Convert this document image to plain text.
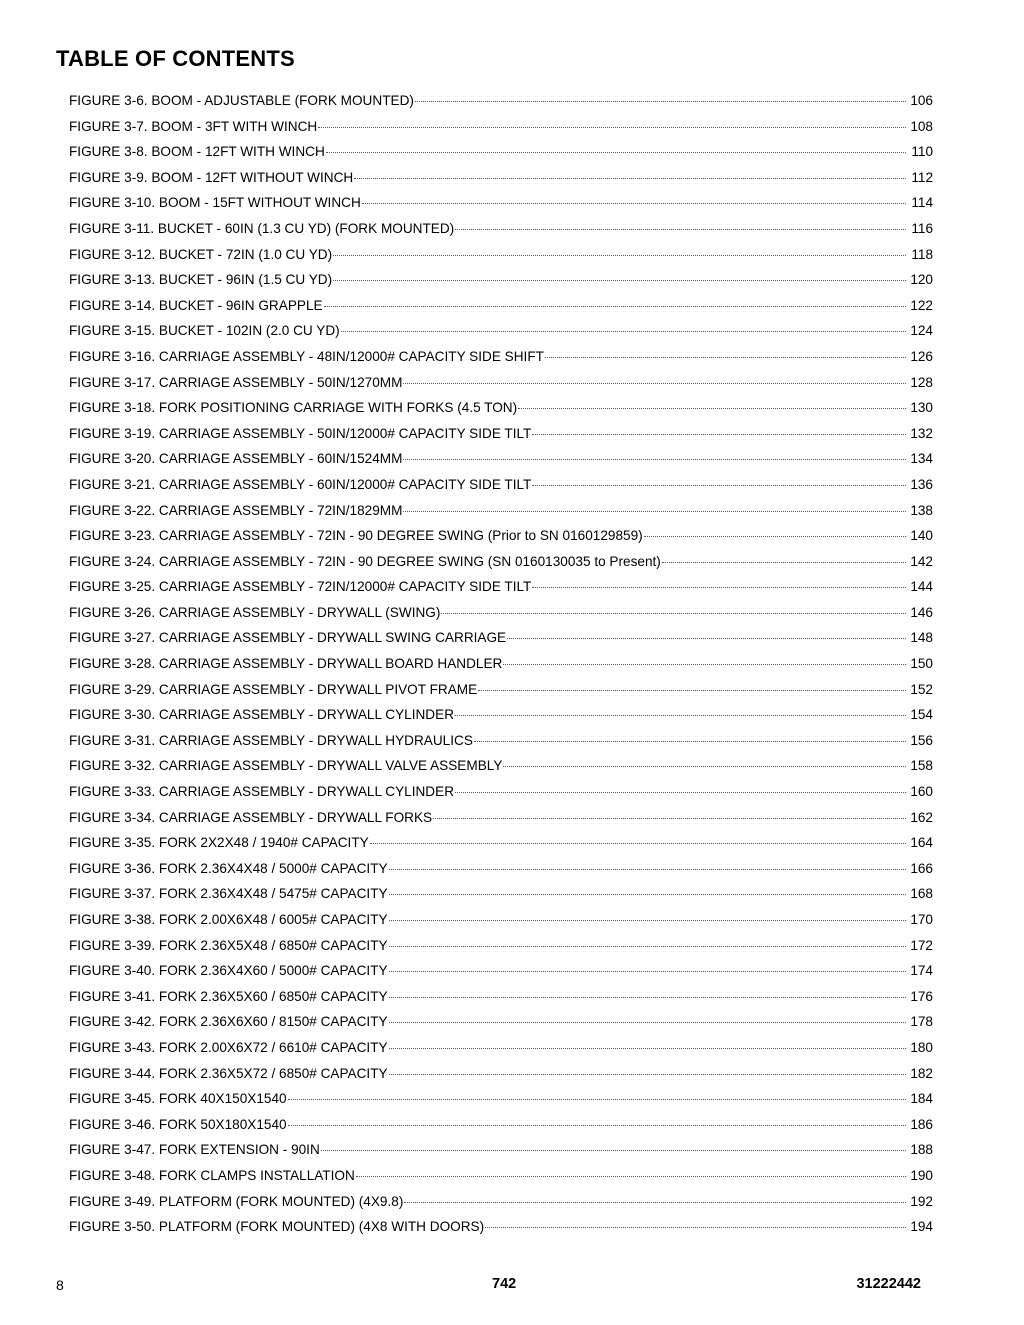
TABLE OF CONTENTS
FIGURE 3-6. BOOM - ADJUSTABLE (FORK MOUNTED)	106
FIGURE 3-7. BOOM - 3FT WITH WINCH	108
FIGURE 3-8. BOOM - 12FT WITH WINCH	110
FIGURE 3-9. BOOM - 12FT WITHOUT WINCH	112
FIGURE 3-10. BOOM - 15FT WITHOUT WINCH	114
FIGURE 3-11. BUCKET - 60IN (1.3 CU YD) (FORK MOUNTED)	116
FIGURE 3-12. BUCKET - 72IN (1.0 CU YD)	118
FIGURE 3-13. BUCKET - 96IN (1.5 CU YD)	120
FIGURE 3-14. BUCKET - 96IN GRAPPLE	122
FIGURE 3-15. BUCKET - 102IN (2.0 CU YD)	124
FIGURE 3-16. CARRIAGE ASSEMBLY - 48IN/12000# CAPACITY SIDE SHIFT	126
FIGURE 3-17. CARRIAGE ASSEMBLY - 50IN/1270MM	128
FIGURE 3-18. FORK POSITIONING CARRIAGE WITH FORKS (4.5 TON)	130
FIGURE 3-19. CARRIAGE ASSEMBLY - 50IN/12000# CAPACITY SIDE TILT	132
FIGURE 3-20. CARRIAGE ASSEMBLY - 60IN/1524MM	134
FIGURE 3-21. CARRIAGE ASSEMBLY - 60IN/12000# CAPACITY SIDE TILT	136
FIGURE 3-22. CARRIAGE ASSEMBLY - 72IN/1829MM	138
FIGURE 3-23. CARRIAGE ASSEMBLY - 72IN - 90 DEGREE SWING (Prior to SN 0160129859)	140
FIGURE 3-24. CARRIAGE ASSEMBLY - 72IN - 90 DEGREE SWING (SN 0160130035 to Present)	142
FIGURE 3-25. CARRIAGE ASSEMBLY - 72IN/12000# CAPACITY SIDE TILT	144
FIGURE 3-26. CARRIAGE ASSEMBLY - DRYWALL (SWING)	146
FIGURE 3-27. CARRIAGE ASSEMBLY - DRYWALL SWING CARRIAGE	148
FIGURE 3-28. CARRIAGE ASSEMBLY - DRYWALL BOARD HANDLER	150
FIGURE 3-29. CARRIAGE ASSEMBLY - DRYWALL PIVOT FRAME	152
FIGURE 3-30. CARRIAGE ASSEMBLY - DRYWALL CYLINDER	154
FIGURE 3-31. CARRIAGE ASSEMBLY - DRYWALL HYDRAULICS	156
FIGURE 3-32. CARRIAGE ASSEMBLY - DRYWALL VALVE ASSEMBLY	158
FIGURE 3-33. CARRIAGE ASSEMBLY - DRYWALL CYLINDER	160
FIGURE 3-34. CARRIAGE ASSEMBLY - DRYWALL FORKS	162
FIGURE 3-35. FORK 2X2X48 / 1940# CAPACITY	164
FIGURE 3-36. FORK 2.36X4X48 / 5000# CAPACITY	166
FIGURE 3-37. FORK 2.36X4X48 / 5475# CAPACITY	168
FIGURE 3-38. FORK 2.00X6X48 / 6005# CAPACITY	170
FIGURE 3-39. FORK 2.36X5X48 / 6850# CAPACITY	172
FIGURE 3-40. FORK 2.36X4X60 / 5000# CAPACITY	174
FIGURE 3-41. FORK 2.36X5X60 / 6850# CAPACITY	176
FIGURE 3-42. FORK 2.36X6X60 / 8150# CAPACITY	178
FIGURE 3-43. FORK 2.00X6X72 / 6610# CAPACITY	180
FIGURE 3-44. FORK 2.36X5X72 / 6850# CAPACITY	182
FIGURE 3-45. FORK 40X150X1540	184
FIGURE 3-46. FORK 50X180X1540	186
FIGURE 3-47. FORK EXTENSION - 90IN	188
FIGURE 3-48. FORK CLAMPS INSTALLATION	190
FIGURE 3-49. PLATFORM (FORK MOUNTED) (4X9.8)	192
FIGURE 3-50. PLATFORM (FORK MOUNTED) (4X8 WITH DOORS)	194
8	742	31222442
